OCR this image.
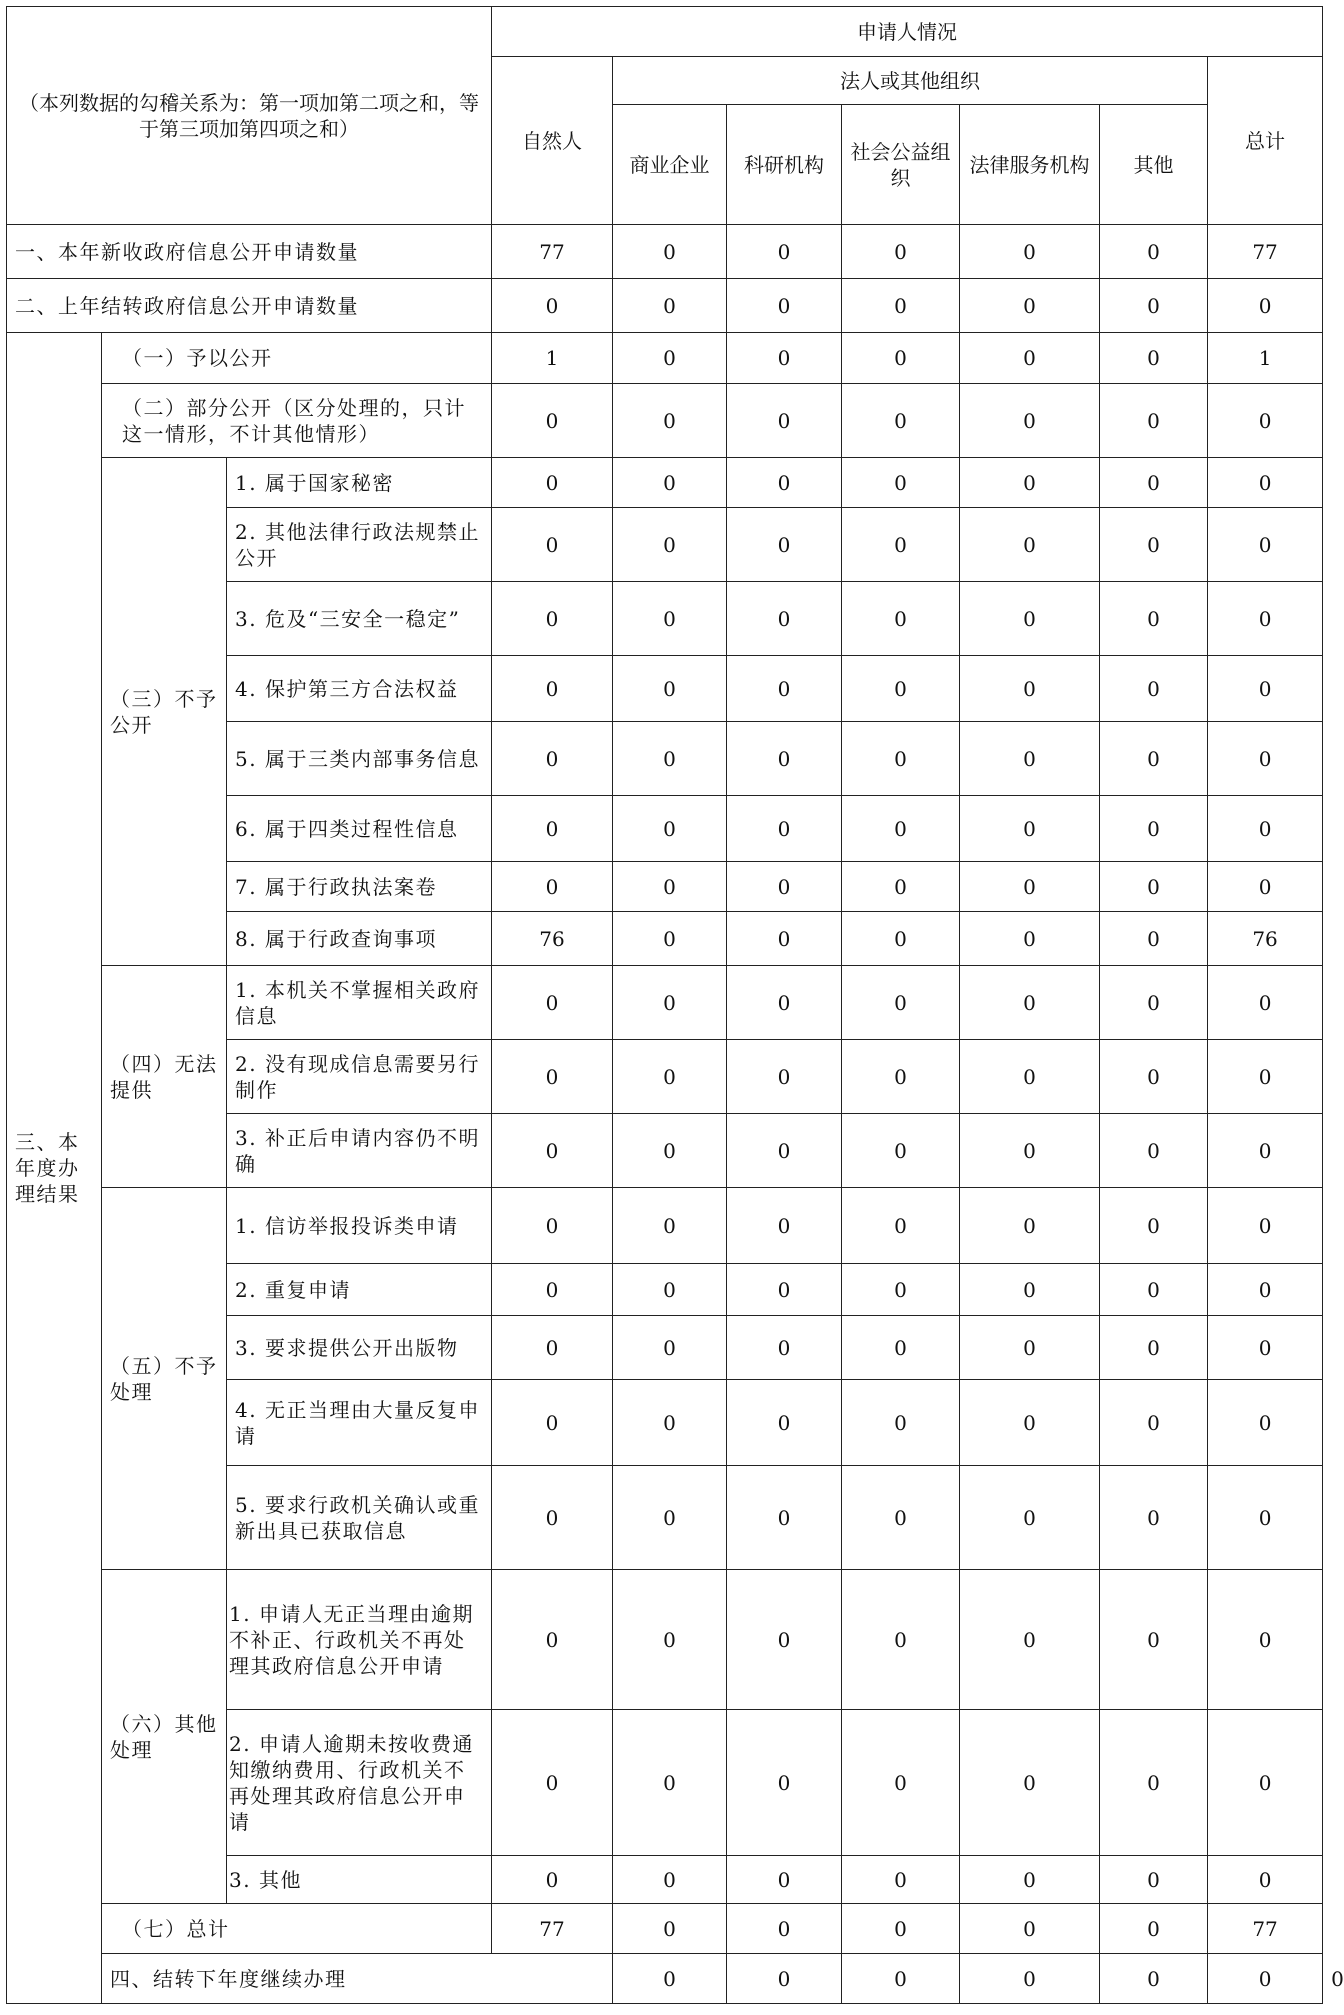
（本列数据的勾稽关系为：第一项加第二项之和，等于第三项加第四项之和）			申请人情况							
			自然人	法人或其他组织					总计	
				商业企业	科研机构	社会公益组织	法律服务机构	其他		
一、本年新收政府信息公开申请数量			77	0	0	0	0	0	77	
二、上年结转政府信息公开申请数量			0	0	0	0	0	0	0	
三、本年度办理结果	（一）予以公开		1	0	0	0	0	0	1	
	（二）部分公开（区分处理的，只计这一情形，不计其他情形）		0	0	0	0	0	0	0	
	（三）不予公开	1. 属于国家秘密	0	0	0	0	0	0	0	
		2. 其他法律行政法规禁止公开	0	0	0	0	0	0	0	
		3. 危及“三安全一稳定”	0	0	0	0	0	0	0	
		4. 保护第三方合法权益	0	0	0	0	0	0	0	
		5. 属于三类内部事务信息	0	0	0	0	0	0	0	
		6. 属于四类过程性信息	0	0	0	0	0	0	0	
		7. 属于行政执法案卷	0	0	0	0	0	0	0	
		8. 属于行政查询事项	76	0	0	0	0	0	76	
	（四）无法提供	1. 本机关不掌握相关政府信息	0	0	0	0	0	0	0	
		2. 没有现成信息需要另行制作	0	0	0	0	0	0	0	
		3. 补正后申请内容仍不明确	0	0	0	0	0	0	0	
	（五）不予处理	1. 信访举报投诉类申请	0	0	0	0	0	0	0	
		2. 重复申请	0	0	0	0	0	0	0	
		3. 要求提供公开出版物	0	0	0	0	0	0	0	
		4. 无正当理由大量反复申请	0	0	0	0	0	0	0	
		5. 要求行政机关确认或重新出具已获取信息	0	0	0	0	0	0	0	
	（六）其他处理	1. 申请人无正当理由逾期不补正、行政机关不再处理其政府信息公开申请	0	0	0	0	0	0	0	
		2. 申请人逾期未按收费通知缴纳费用、行政机关不再处理其政府信息公开申请	0	0	0	0	0	0	0	
		3. 其他	0	0	0	0	0	0	0	
	（七）总计		77	0	0	0	0	0	77	
	四、结转下年度继续办理			0	0	0	0	0	0	0
